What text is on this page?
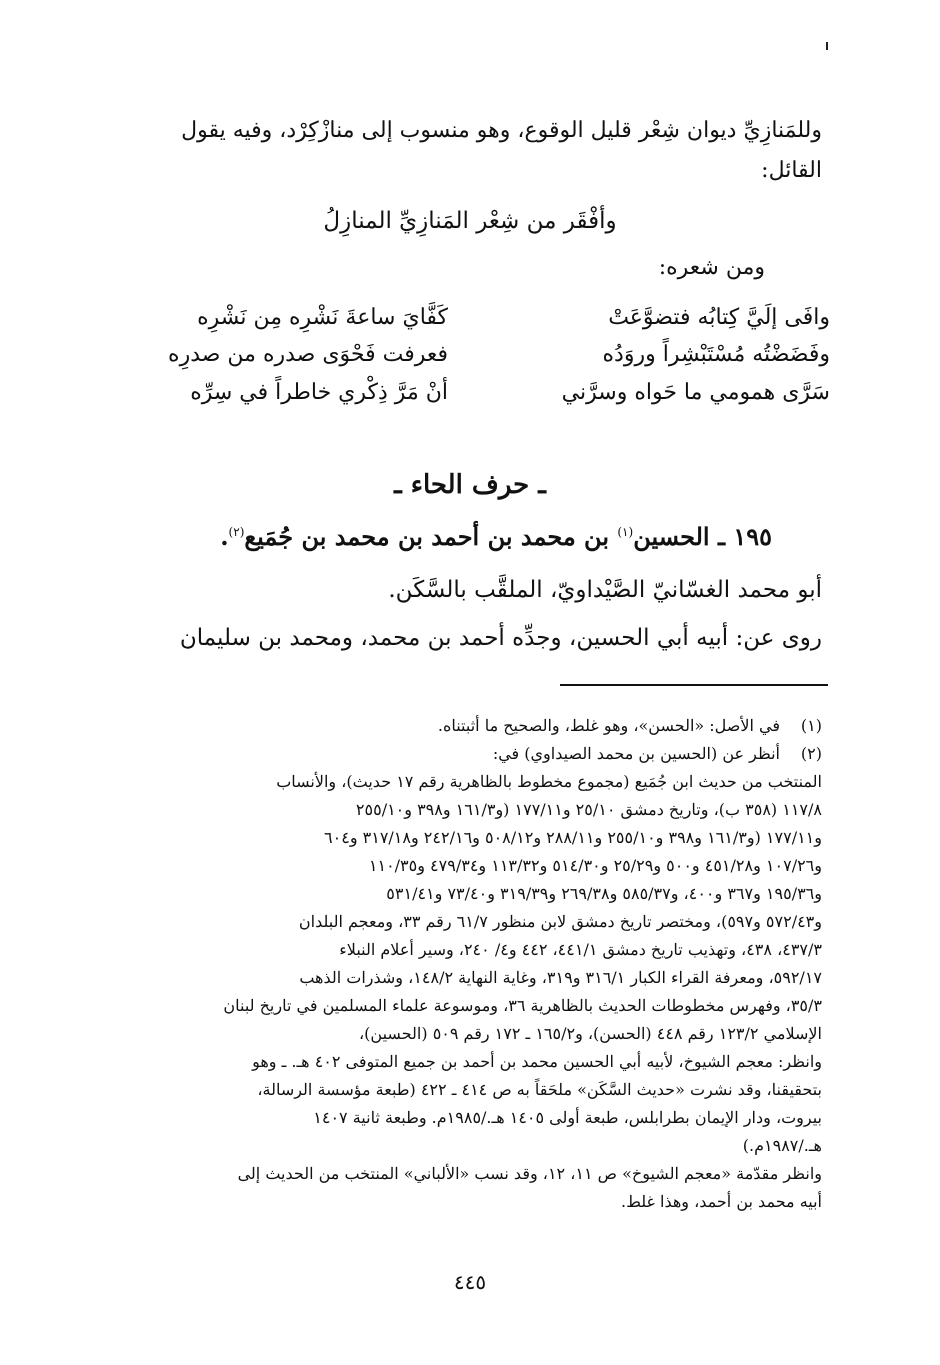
وللمَنازِيِّ ديوان شِعْر قليل الوقوع، وهو منسوب إلى منازْكِرْد، وفيه يقول
القائل:
وأفْقَر من شِعْر المَنازِيِّ المنازِلُ
ومن شعره:
وافَى إلَيَّ كِتابُه فتضوَّعَتْ
كَفَّايَ ساعةَ نَشْرِه مِن نَشْرِه
وفَضَضْتُه مُسْتَبْشِراً وروَدُه
فعرفت فَحْوَى صدره من صدرِه
سَرَّى همومي ما حَواه وسرَّني
أنْ مَرَّ ذِكْري خاطراً في سِرِّه
ـ حرف الحاء ـ
١٩٥ ـ الحسين$^{(١)}$ بن محمد بن أحمد بن محمد بن جُمَيع$^{(٢)}$.
أبو محمد الغسّانيّ الصَّيْداويّ، الملقَّب بالسَّكَن.
روى عن: أبيه أبي الحسين، وجدِّه أحمد بن محمد، ومحمد بن سليمان
(١)
في الأصل: «الحسن»، وهو غلط، والصحيح ما أثبتناه.
(٢)
أنظر عن (الحسين بن محمد الصيداوي) في:
المنتخب من حديث ابن جُمَيع (مجموع مخطوط بالظاهرية رقم ١٧ حديث)، والأنساب
١١٧/٨ (٣٥٨ ب)، وتاريخ دمشق ٢٥/١٠ و١٧٧/١١ (و١٦١/٣ و٣٩٨ و٢٥٥/١٠
و١٧٧/١١ (و١٦١/٣ و٣٩٨ و٢٥٥/١٠ و٢٨٨/١١ و٥٠٨/١٢ و٢٤٢/١٦ و٣١٧/١٨ و٦٠٤
و١٠٧/٢٦ و٤٥١/٢٨ و٥٠٠ و٢٥/٢٩ و٥١٤/٣٠ و١١٣/٣٢ و٤٧٩/٣٤ و١١٠/٣٥
و١٩٥/٣٦ و٣٦٧ و٤٠٠، و٥٨٥/٣٧ و٢٦٩/٣٨ و٣١٩/٣٩ و٧٣/٤٠ و٥٣١/٤١
و٥٧٢/٤٣ و٥٩٧)، ومختصر تاريخ دمشق لابن منظور ٦١/٧ رقم ٣٣، ومعجم البلدان
٤٣٧/٣، ٤٣٨، وتهذيب تاريخ دمشق ٤٤١/١، ٤٤٢ و٤/ ٢٤٠، وسير أعلام النبلاء
٥٩٢/١٧، ومعرفة القراء الكبار ٣١٦/١ و٣١٩، وغاية النهاية ١٤٨/٢، وشذرات الذهب
٣٥/٣، وفهرس مخطوطات الحديث بالظاهرية ٣٦، وموسوعة علماء المسلمين في تاريخ لبنان
الإسلامي ١٢٣/٢ رقم ٤٤٨ (الحسن)، و١٦٥/٢ ـ ١٧٢ رقم ٥٠٩ (الحسين)،
وانظر: معجم الشيوخ، لأبيه أبي الحسين محمد بن أحمد بن جميع المتوفى ٤٠٢ هـ. ـ وهو
بتحقيقنا، وقد نشرت «حديث السَّكَن» ملحَقاً به ص ٤١٤ ـ ٤٢٢ (طبعة مؤسسة الرسالة،
بيروت، ودار الإيمان بطرابلس، طبعة أولى ١٤٠٥ هـ./١٩٨٥م. وطبعة ثانية ١٤٠٧
هـ./١٩٨٧م.)
وانظر مقدّمة «معجم الشيوخ» ص ١١، ١٢، وقد نسب «الألباني» المنتخب من الحديث إلى
أبيه محمد بن أحمد، وهذا غلط.
٤٤٥
